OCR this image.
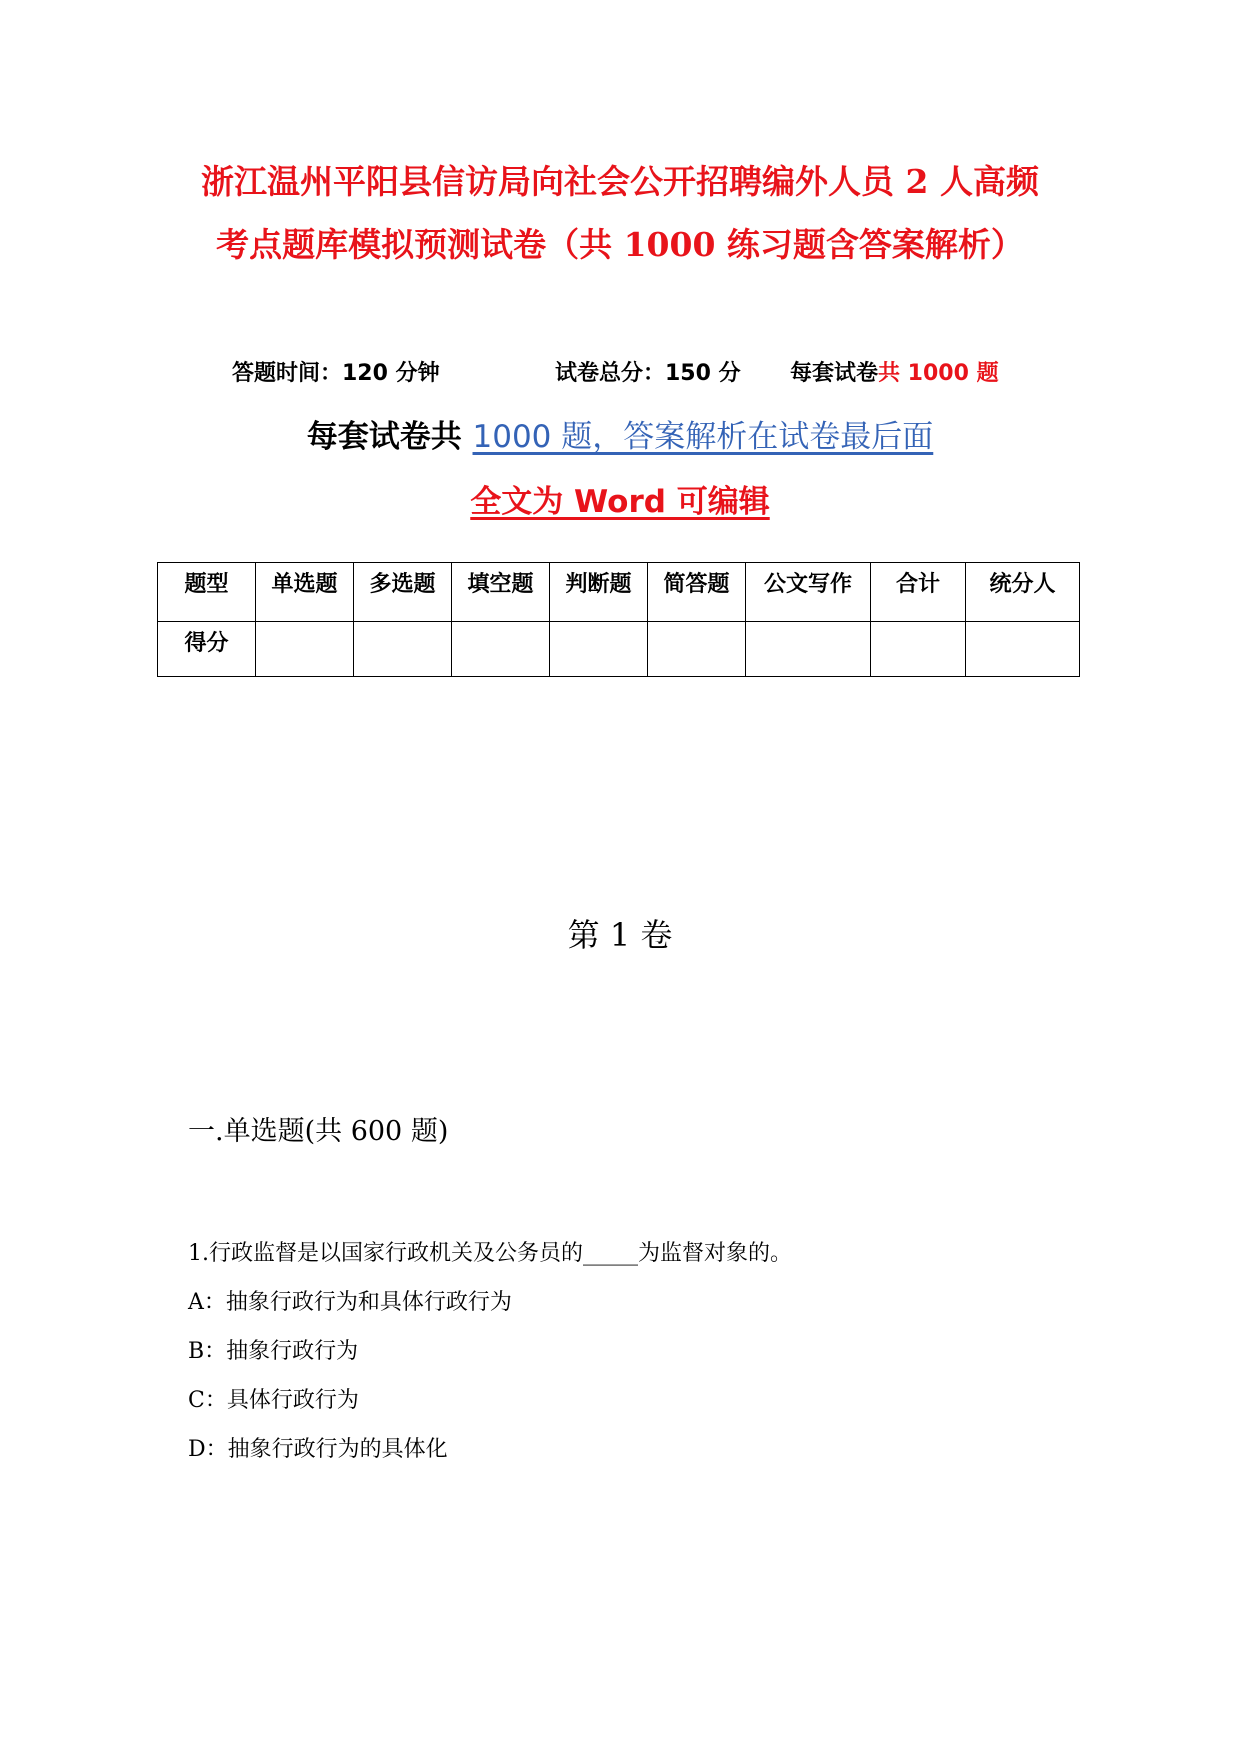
浙江温州平阳县信访局向社会公开招聘编外人员 2 人高频
考点题库模拟预测试卷（共 1000 练习题含答案解析）
答题时间：120 分钟	试卷总分：150 分 每套试卷共 1000 题
每套试卷共 1000 题，答案解析在试卷最后面
全文为 Word 可编辑
题型	单选题	多选题	填空题	判断题	简答题	公文写作	合计	统分人
得分								
第 1 卷
一.单选题(共 600 题)
1.行政监督是以国家行政机关及公务员的_____为监督对象的。
A：抽象行政行为和具体行政行为
B：抽象行政行为
C：具体行政行为
D：抽象行政行为的具体化
